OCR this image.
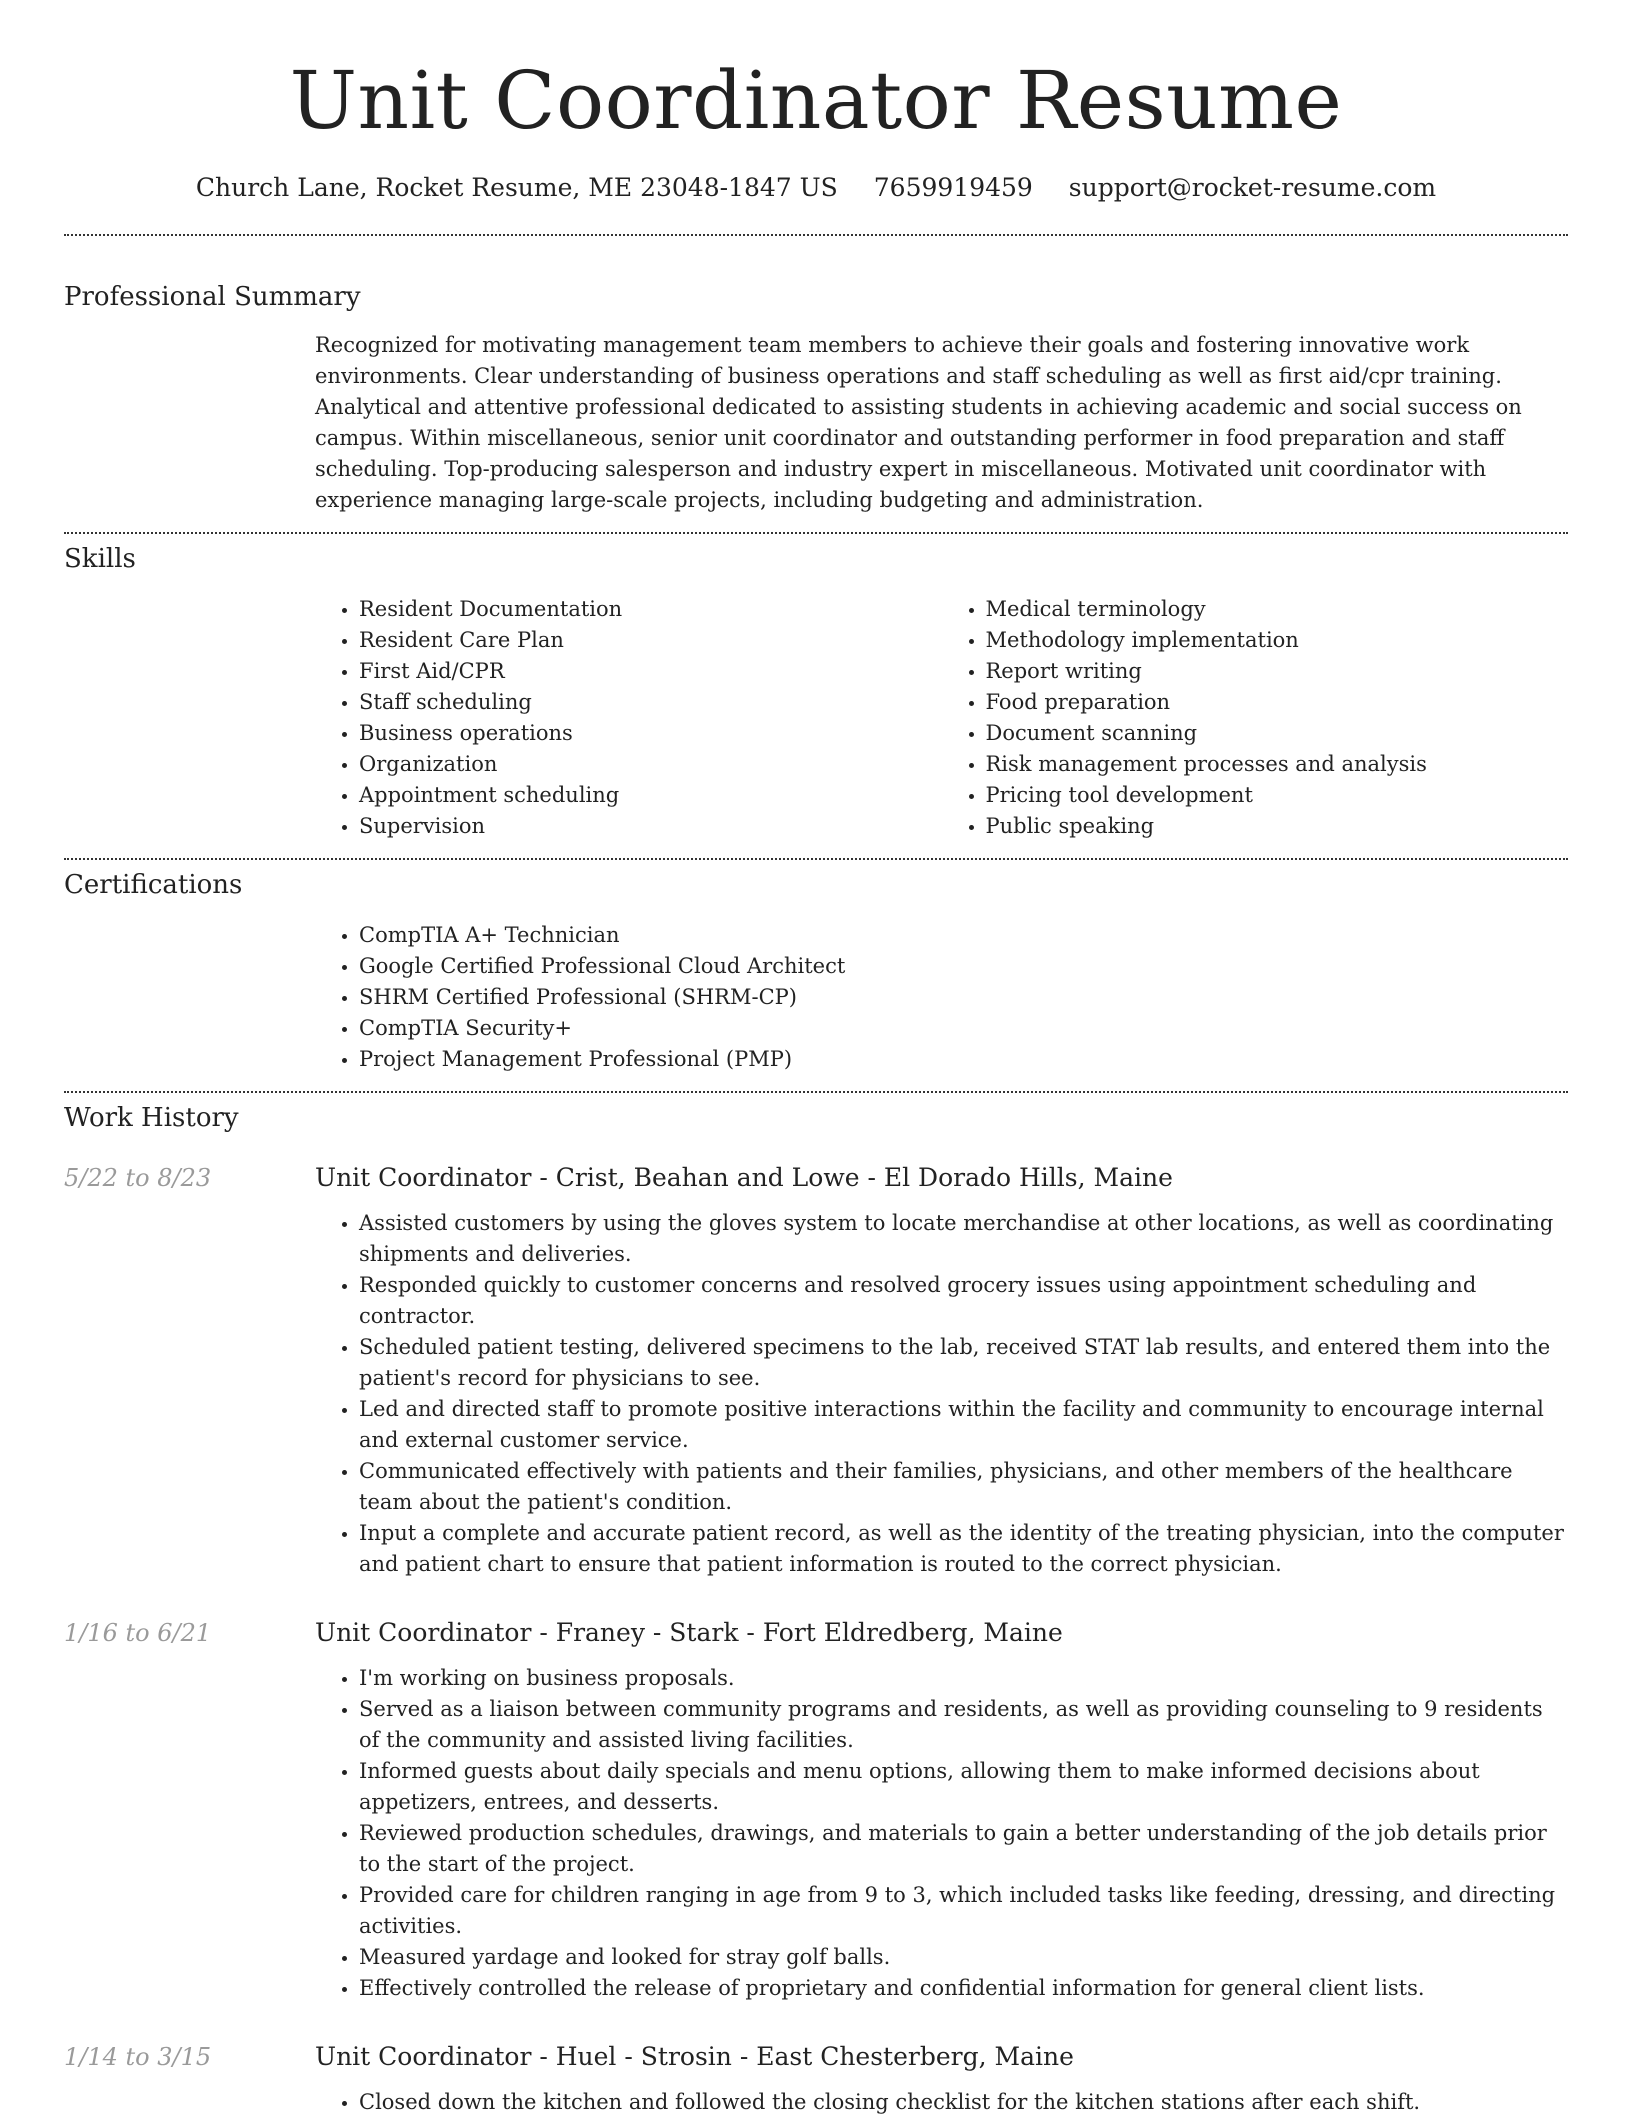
Unit Coordinator Resume
Church Lane, Rocket Resume, ME 23048-1847 US 7659919459 support@rocket-resume.com
Professional Summary

Recognized for motivating management team members to achieve their goals and fostering innovative work environments. Clear understanding of business operations and staff scheduling as well as first aid/cpr training. Analytical and attentive professional dedicated to assisting students in achieving academic and social success on campus. Within miscellaneous, senior unit coordinator and outstanding performer in food preparation and staff scheduling. Top-producing salesperson and industry expert in miscellaneous. Motivated unit coordinator with experience managing large-scale projects, including budgeting and administration.

Skills
• Resident Documentation
• Resident Care Plan
• First Aid/CPR
• Staff scheduling
• Business operations
• Organization
• Appointment scheduling
• Supervision
• Medical terminology
• Methodology implementation
• Report writing
• Food preparation
• Document scanning
• Risk management processes and analysis
• Pricing tool development
• Public speaking
Certifications
• CompTIA A+ Technician
• Google Certified Professional Cloud Architect
• SHRM Certified Professional (SHRM-CP)
• CompTIA Security+
• Project Management Professional (PMP)
Work History
5/22 to 8/23	Unit Coordinator - Crist, Beahan and Lowe - El Dorado Hills, Maine
• Assisted customers by using the gloves system to locate merchandise at other locations, as well as coordinating shipments and deliveries.
• Responded quickly to customer concerns and resolved grocery issues using appointment scheduling and contractor.
• Scheduled patient testing, delivered specimens to the lab, received STAT lab results, and entered them into the patient's record for physicians to see.
• Led and directed staff to promote positive interactions within the facility and community to encourage internal and external customer service.
• Communicated effectively with patients and their families, physicians, and other members of the healthcare team about the patient's condition.
• Input a complete and accurate patient record, as well as the identity of the treating physician, into the computer and patient chart to ensure that patient information is routed to the correct physician.
1/16 to 6/21	Unit Coordinator - Franey - Stark - Fort Eldredberg, Maine
• I'm working on business proposals.
• Served as a liaison between community programs and residents, as well as providing counseling to 9 residents of the community and assisted living facilities.
• Informed guests about daily specials and menu options, allowing them to make informed decisions about appetizers, entrees, and desserts.
• Reviewed production schedules, drawings, and materials to gain a better understanding of the job details prior to the start of the project.
• Provided care for children ranging in age from 9 to 3, which included tasks like feeding, dressing, and directing activities.
• Measured yardage and looked for stray golf balls.
• Effectively controlled the release of proprietary and confidential information for general client lists.
1/14 to 3/15	Unit Coordinator - Huel - Strosin - East Chesterberg, Maine
• Closed down the kitchen and followed the closing checklist for the kitchen stations after each shift.
